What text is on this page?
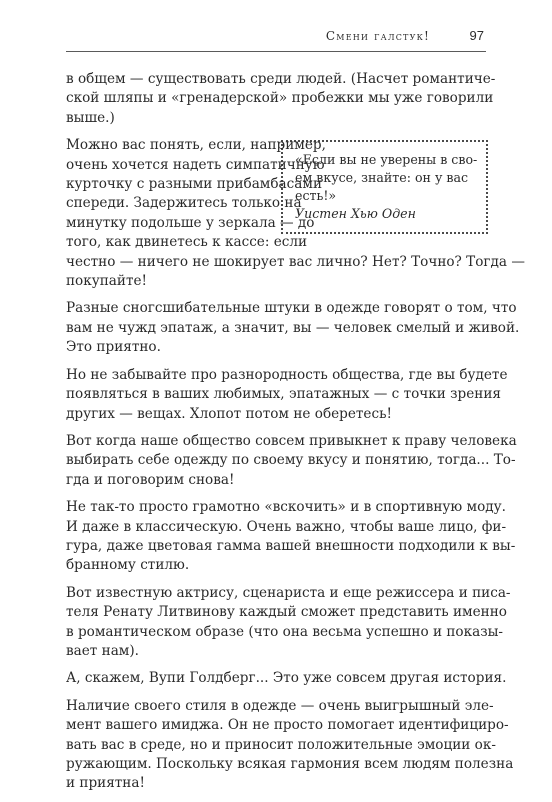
Смени галстук!	97

в общем — существовать среди людей. (Насчет романтиче-
ской шляпы и «гренадерской» пробежки мы уже говорили
выше.)

«Если вы не уверены в сво-
ем вкусе, знайте: он у вас
есть!»
Уистен Хью Оден
Можно вас понять, если, например,
очень хочется надеть симпатичную
курточку с разными прибамбасами
спереди. Задержитесь только на
минутку подольше у зеркала — до
того, как двинетесь к кассе: если
честно — ничего не шокирует вас лично? Нет? Точно? Тогда —
покупайте!

Разные сногсшибательные штуки в одежде говорят о том, что
вам не чужд эпатаж, а значит, вы — человек смелый и живой.
Это приятно.

Но не забывайте про разнородность общества, где вы будете
появляться в ваших любимых, эпатажных — с точки зрения
других — вещах. Хлопот потом не оберетесь!

Вот когда наше общество совсем привыкнет к праву человека
выбирать себе одежду по своему вкусу и понятию, тогда... То-
гда и поговорим снова!

Не так-то просто грамотно «вскочить» и в спортивную моду.
И даже в классическую. Очень важно, чтобы ваше лицо, фи-
гура, даже цветовая гамма вашей внешности подходили к вы-
бранному стилю.

Вот известную актрису, сценариста и еще режиссера и писа-
теля Ренату Литвинову каждый сможет представить именно
в романтическом образе (что она весьма успешно и показы-
вает нам).

А, скажем, Вупи Голдберг... Это уже совсем другая история.

Наличие своего стиля в одежде — очень выигрышный эле-
мент вашего имиджа. Он не просто помогает идентифициро-
вать вас в среде, но и приносит положительные эмоции ок-
ружающим. Поскольку всякая гармония всем людям полезна
и приятна!
